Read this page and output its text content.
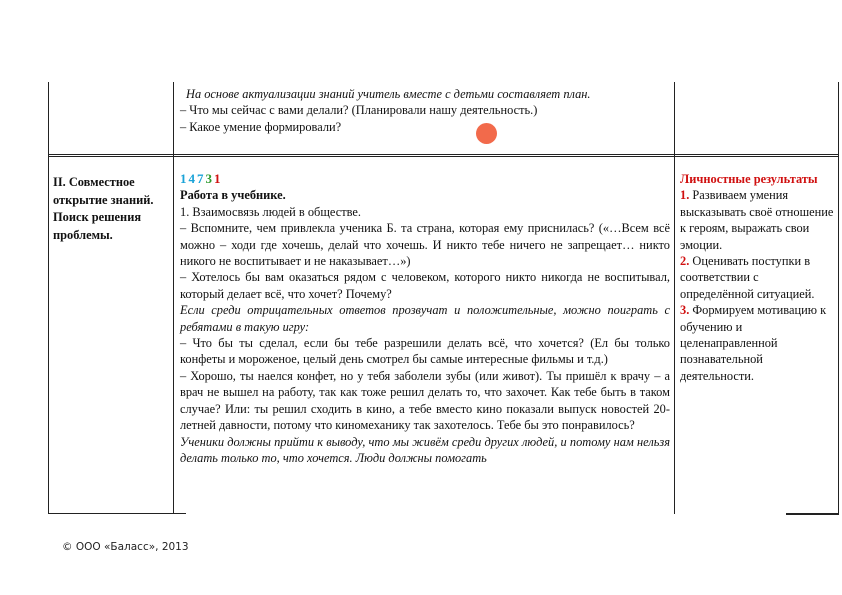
На основе актуализации знаний учитель вместе с детьми составляет план.

– Что мы сейчас с вами делали? (Планировали нашу деятельность.)

– Какое умение формировали?

II. Совместное открытие знаний. Поиск решения проблемы.

1 4 7 3 1

Работа в учебнике.

1. Взаимосвязь людей в обществе.

– Вспомните, чем привлекла ученика Б. та страна, которая ему приснилась? («…Всем всё можно – ходи где хочешь, делай что хочешь. И никто тебе ничего не запрещает… никто никого не воспитывает и не наказывает…»)

– Хотелось бы вам оказаться рядом с человеком, которого никто никогда не воспитывал, который делает всё, что хочет? Почему?

Если среди отрицательных ответов прозвучат и положительные, можно поиграть с ребятами в такую игру:

– Что бы ты сделал, если бы тебе разрешили делать всё, что хочется? (Ел бы только конфеты и мороженое, целый день смотрел бы самые интересные фильмы и т.д.)

– Хорошо, ты наелся конфет, но у тебя заболели зубы (или живот). Ты пришёл к врачу – а врач не вышел на работу, так как тоже решил делать то, что захочет. Как тебе быть в таком случае? Или: ты решил сходить в кино, а тебе вместо кино показали выпуск новостей 20-летней давности, потому что киномеханику так захотелось. Тебе бы это понравилось?

Ученики должны прийти к выводу, что мы живём среди других людей, и потому нам нельзя делать только то, что хочется. Люди должны помогать

Личностные результаты

1. Развиваем умения высказывать своё отношение к героям, выражать свои эмоции.

2. Оценивать поступки в соответствии с определённой ситуацией.

3. Формируем мотивацию к обучению и целенаправленной познавательной деятельности.

© ООО «Баласс», 2013
